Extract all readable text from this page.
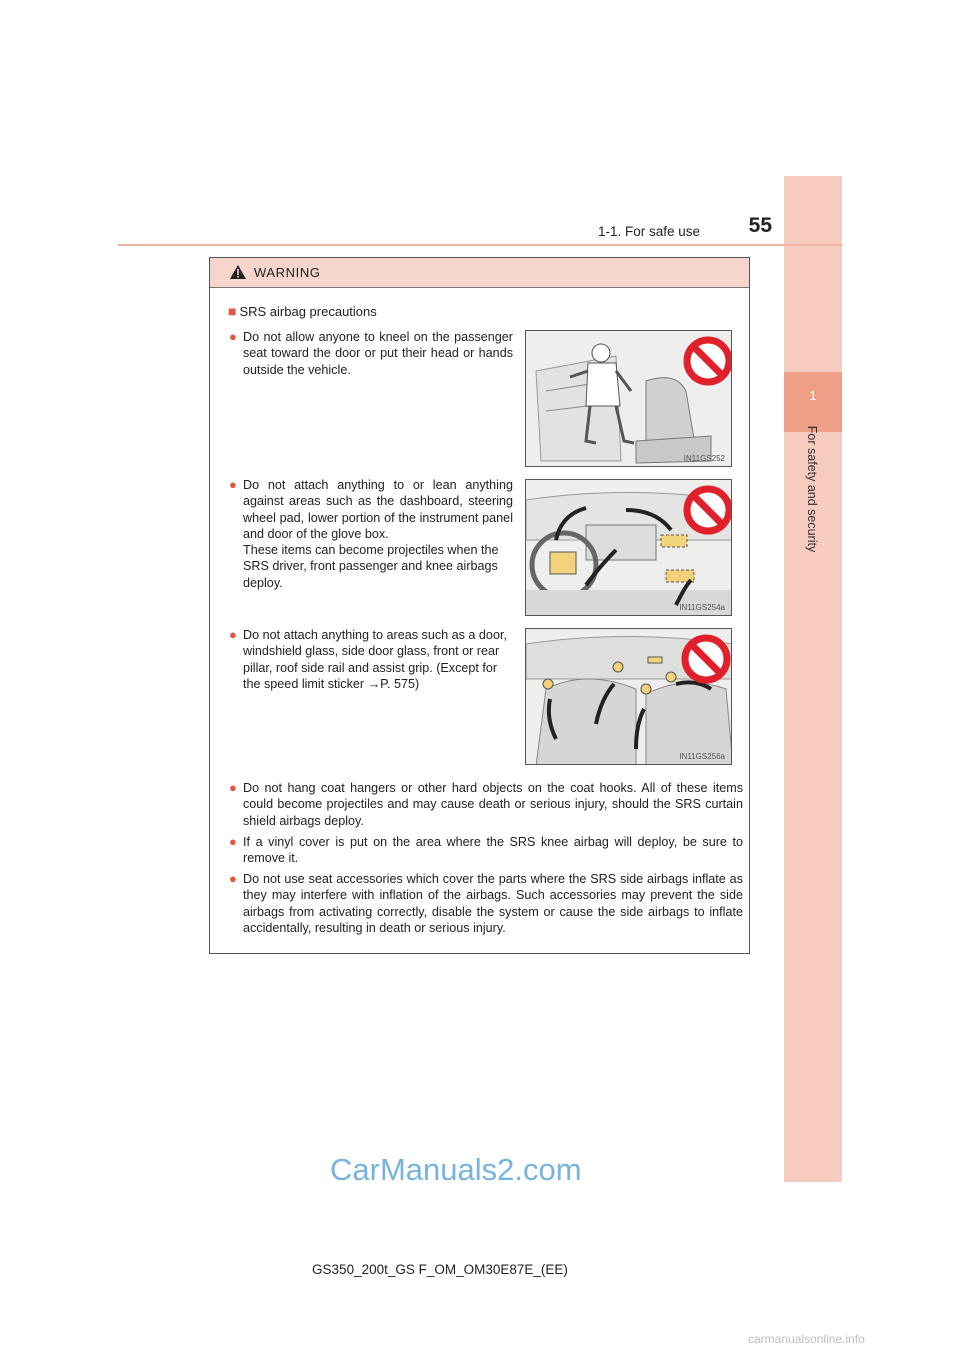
1
For safety and security
1-1. For safe use	55
WARNING
■ SRS airbag precautions
● Do not allow anyone to kneel on the passenger seat toward the door or put their head or hands outside the vehicle.

IN11GS252
● Do not attach anything to or lean anything against areas such as the dashboard, steering wheel pad, lower portion of the instrument panel and door of the glove box.

These items can become projectiles when the SRS driver, front passenger and knee airbags deploy.

IN11GS254a
● Do not attach anything to areas such as a door, windshield glass, side door glass, front or rear pillar, roof side rail and assist grip. (Except for the speed limit sticker →P. 575)

IN11GS256a
● Do not hang coat hangers or other hard objects on the coat hooks. All of these items could become projectiles and may cause death or serious injury, should the SRS curtain shield airbags deploy.

● If a vinyl cover is put on the area where the SRS knee airbag will deploy, be sure to remove it.

● Do not use seat accessories which cover the parts where the SRS side airbags inflate as they may interfere with inflation of the airbags. Such accessories may prevent the side airbags from activating correctly, disable the system or cause the side airbags to inflate accidentally, resulting in death or serious injury.

CarManuals2.com
GS350_200t_GS F_OM_OM30E87E_(EE)
carmanualsonline.info
